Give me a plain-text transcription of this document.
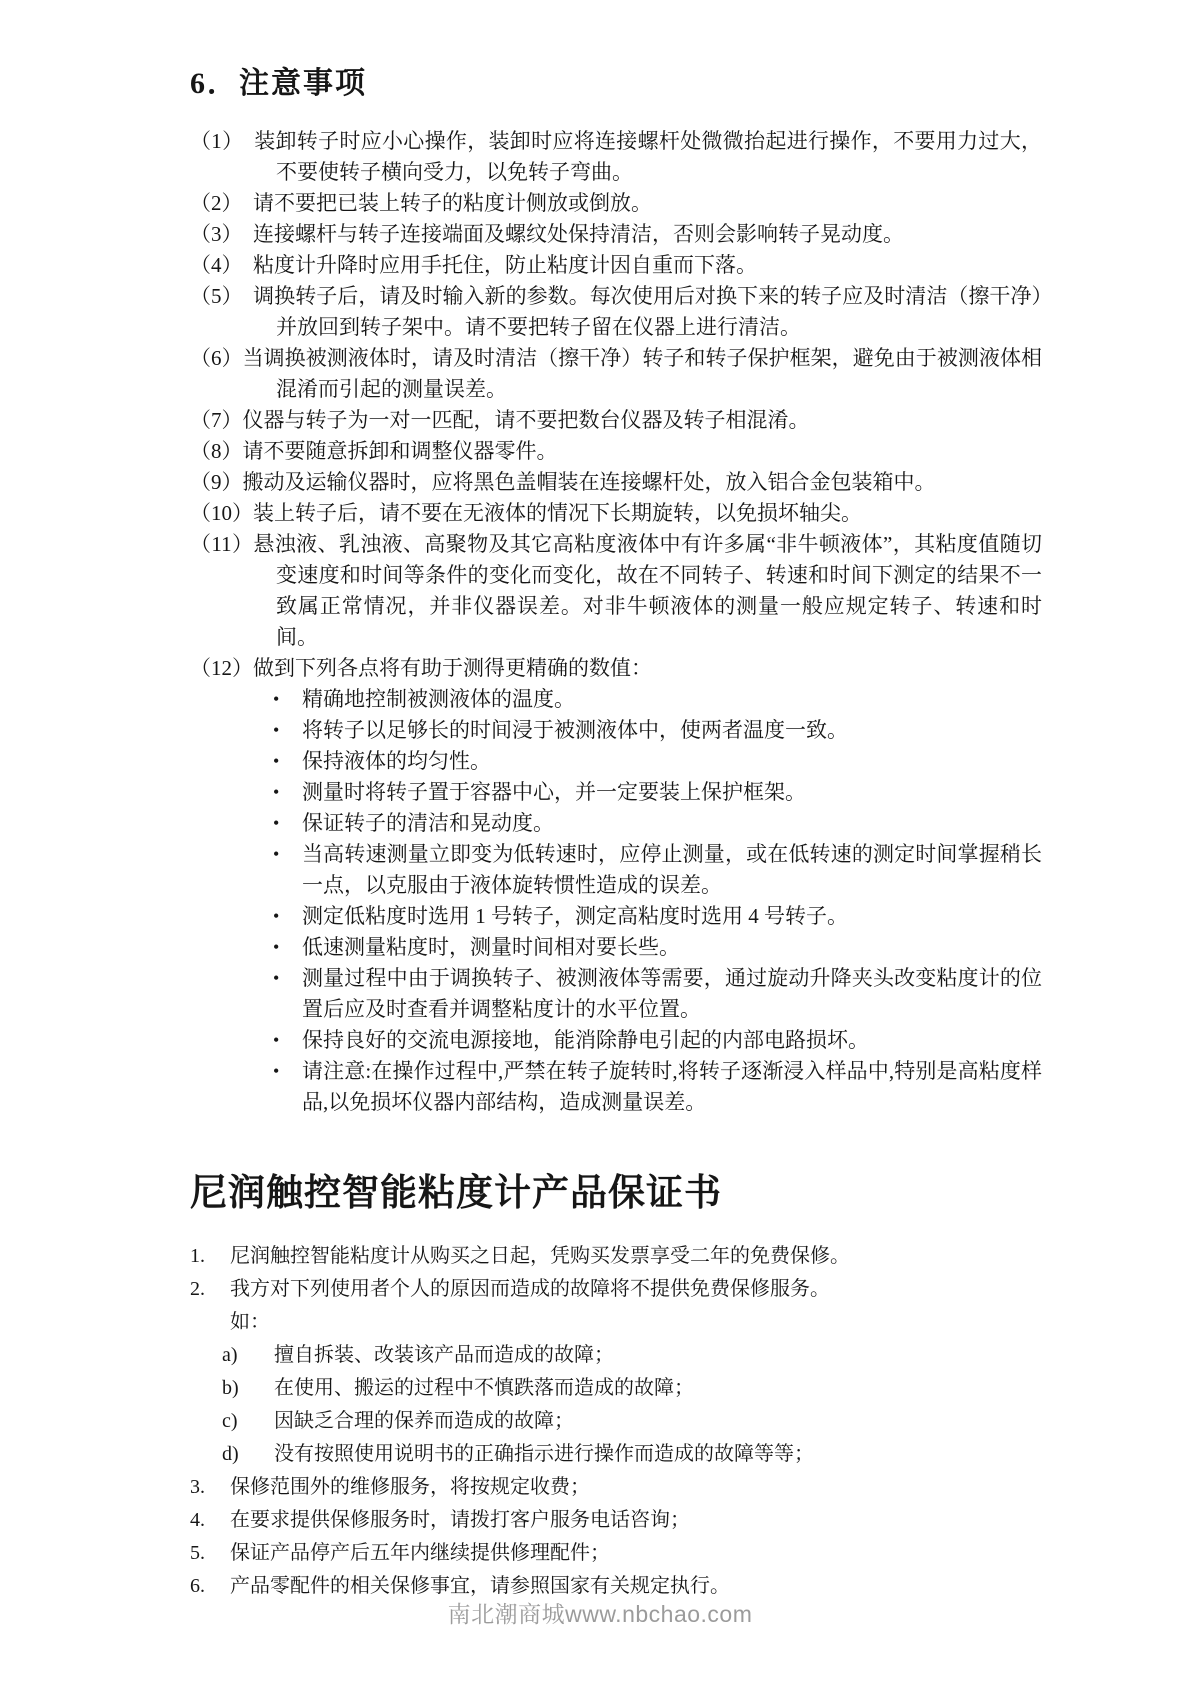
6．注意事项
（1）　装卸转子时应小心操作，装卸时应将连接螺杆处微微抬起进行操作，不要用力过大，不要使转子横向受力，以免转子弯曲。
（2）　请不要把已装上转子的粘度计侧放或倒放。
（3）　连接螺杆与转子连接端面及螺纹处保持清洁，否则会影响转子晃动度。
（4）　粘度计升降时应用手托住，防止粘度计因自重而下落。
（5）　调换转子后，请及时输入新的参数。每次使用后对换下来的转子应及时清洁（擦干净）并放回到转子架中。请不要把转子留在仪器上进行清洁。
（6）当调换被测液体时，请及时清洁（擦干净）转子和转子保护框架，避免由于被测液体相混淆而引起的测量误差。
（7）仪器与转子为一对一匹配，请不要把数台仪器及转子相混淆。
（8）请不要随意拆卸和调整仪器零件。
（9）搬动及运输仪器时，应将黑色盖帽装在连接螺杆处，放入铝合金包装箱中。
（10）装上转子后，请不要在无液体的情况下长期旋转，以免损坏轴尖。
（11）悬浊液、乳浊液、高聚物及其它高粘度液体中有许多属“非牛顿液体”，其粘度值随切变速度和时间等条件的变化而变化，故在不同转子、转速和时间下测定的结果不一致属正常情况，并非仪器误差。对非牛顿液体的测量一般应规定转子、转速和时间。
（12）做到下列各点将有助于测得更精确的数值：
•	精确地控制被测液体的温度。
•	将转子以足够长的时间浸于被测液体中，使两者温度一致。
•	保持液体的均匀性。
•	测量时将转子置于容器中心，并一定要装上保护框架。
•	保证转子的清洁和晃动度。
•	当高转速测量立即变为低转速时，应停止测量，或在低转速的测定时间掌握稍长一点，以克服由于液体旋转惯性造成的误差。
•	测定低粘度时选用 1 号转子，测定高粘度时选用 4 号转子。
•	低速测量粘度时，测量时间相对要长些。
•	测量过程中由于调换转子、被测液体等需要，通过旋动升降夹头改变粘度计的位置后应及时查看并调整粘度计的水平位置。
•	保持良好的交流电源接地，能消除静电引起的内部电路损坏。
•	请注意:在操作过程中,严禁在转子旋转时,将转子逐渐浸入样品中,特别是高粘度样品,以免损坏仪器内部结构，造成测量误差。
尼润触控智能粘度计产品保证书
1.	尼润触控智能粘度计从购买之日起，凭购买发票享受二年的免费保修。
2.	我方对下列使用者个人的原因而造成的故障将不提供免费保修服务。
如：
a)	擅自拆装、改装该产品而造成的故障；
b)	在使用、搬运的过程中不慎跌落而造成的故障；
c)	因缺乏合理的保养而造成的故障；
d)	没有按照使用说明书的正确指示进行操作而造成的故障等等；
3.	保修范围外的维修服务，将按规定收费；
4.	在要求提供保修服务时，请拨打客户服务电话咨询；
5.	保证产品停产后五年内继续提供修理配件；
6.	产品零配件的相关保修事宜，请参照国家有关规定执行。
南北潮商城www.nbchao.com
